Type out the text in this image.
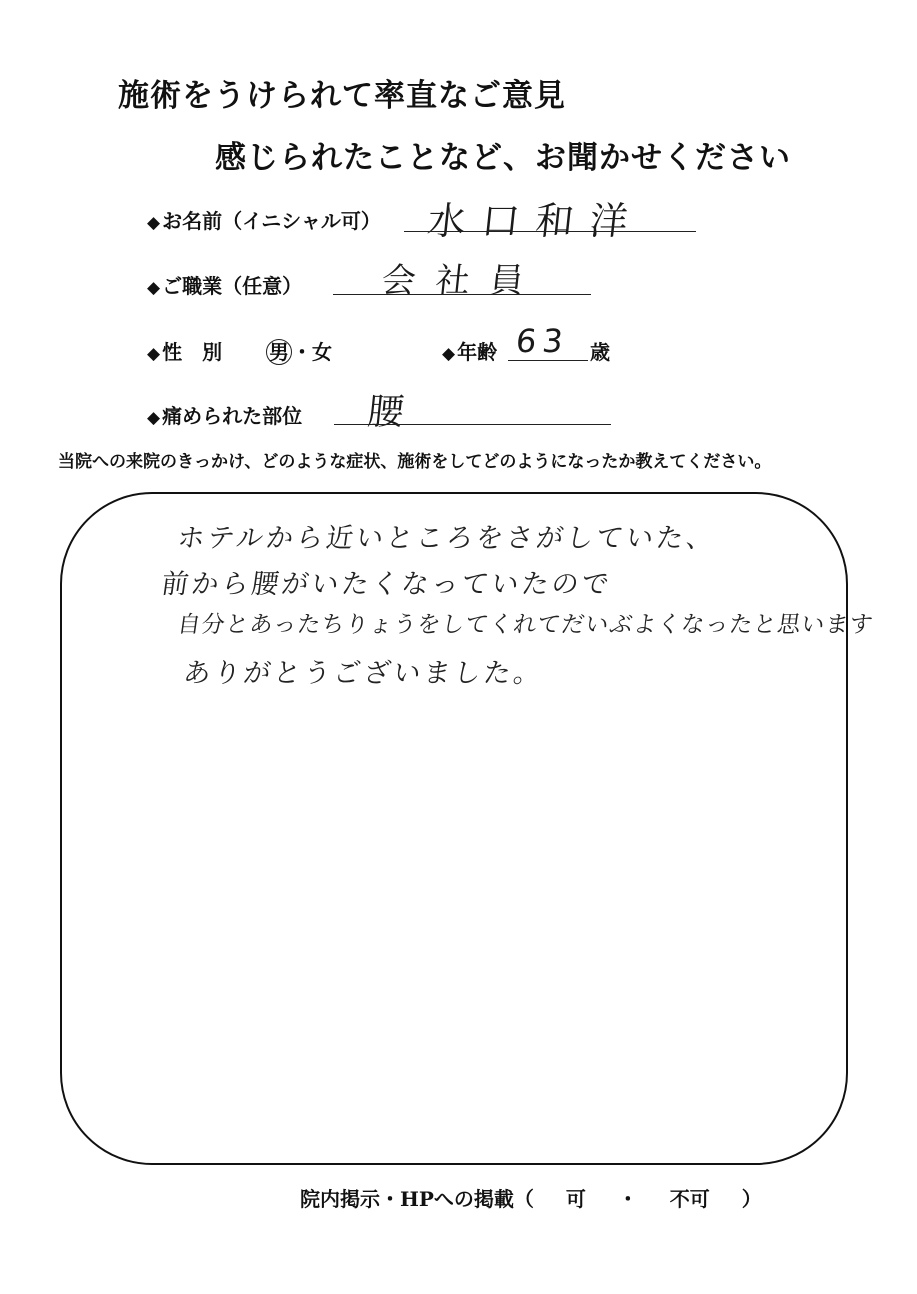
施術をうけられて率直なご意見
感じられたことなど、お聞かせください
◆ お名前（イニシャル可） 水口和洋
◆ ご職業（任意） 会社員
◆ 性　別 男 ・女	◆ 年齢 63 歳
◆ 痛められた部位 腰
当院への来院のきっかけ、どのような症状、施術をしてどのようになったか教えてください。
ホテルから近いところをさがしていた、
前から腰がいたくなっていたので
自分とあったちりょうをしてくれてだいぶよくなったと思います
ありがとうございました。
院内掲示・HPへの掲載（ 可 ・ 不可 ）
